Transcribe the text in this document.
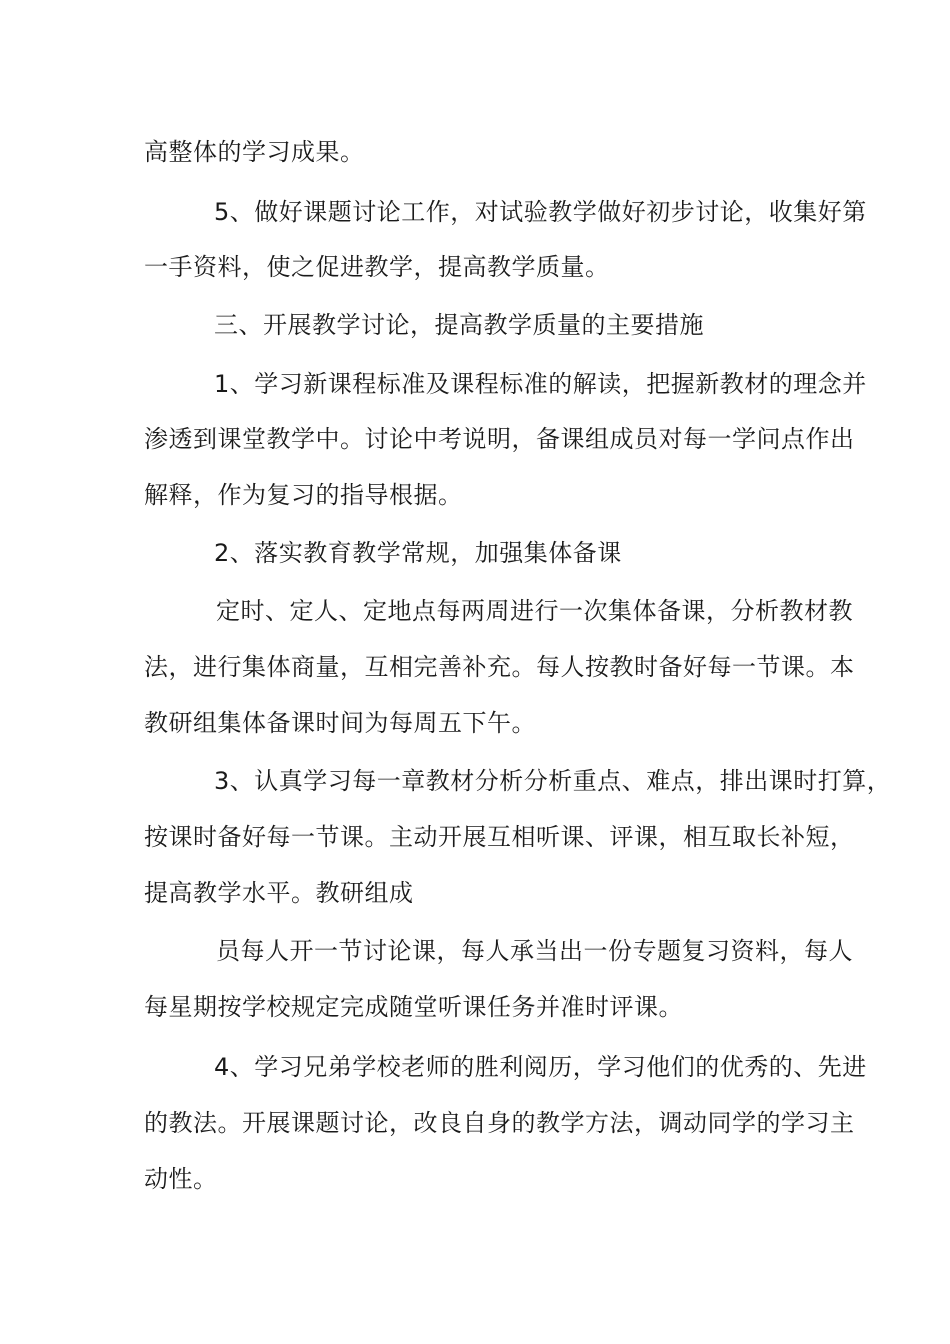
高整体的学习成果。
5、做好课题讨论工作，对试验教学做好初步讨论，收集好第
一手资料，使之促进教学，提高教学质量。
三、开展教学讨论，提高教学质量的主要措施
1、学习新课程标准及课程标准的解读，把握新教材的理念并
渗透到课堂教学中。讨论中考说明，备课组成员对每一学问点作出
解释，作为复习的指导根据。
2、落实教育教学常规，加强集体备课
定时、定人、定地点每两周进行一次集体备课，分析教材教
法，进行集体商量，互相完善补充。每人按教时备好每一节课。本
教研组集体备课时间为每周五下午。
3、认真学习每一章教材分析分析重点、难点，排出课时打算，
按课时备好每一节课。主动开展互相听课、评课，相互取长补短，
提高教学水平。教研组成
员每人开一节讨论课，每人承当出一份专题复习资料，每人
每星期按学校规定完成随堂听课任务并准时评课。
4、学习兄弟学校老师的胜利阅历，学习他们的优秀的、先进
的教法。开展课题讨论，改良自身的教学方法，调动同学的学习主
动性。
